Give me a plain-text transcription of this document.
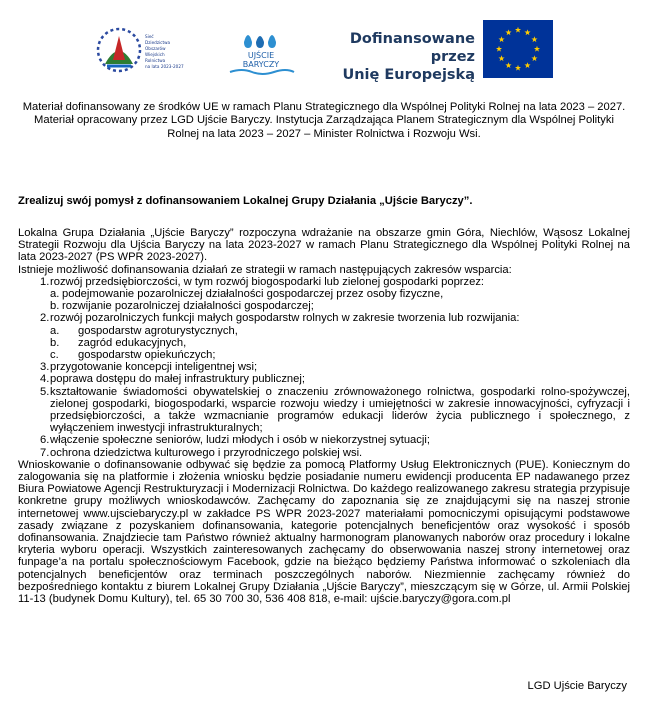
Sieć
Dziedzictwa
Obszarów
Wiejskich
Rolnictwa
na lata 2023-2027
UJŚCIE
BARYCZY
Dofinansowane przez
Unię Europejską
Materiał dofinansowany ze środków UE w ramach Planu Strategicznego dla Wspólnej Polityki Rolnej na lata 2023 – 2027. Materiał opracowany przez LGD Ujście Baryczy. Instytucja Zarządzająca Planem Strategicznym dla Wspólnej Polityki Rolnej na lata 2023 – 2027 – Minister Rolnictwa i Rozwoju Wsi.
Zrealizuj swój pomysł z dofinansowaniem Lokalnej Grupy Działania „Ujście Baryczy”.

Lokalna Grupa Działania „Ujście Baryczy” rozpoczyna wdrażanie na obszarze gmin Góra, Niechlów, Wąsosz Lokalnej Strategii Rozwoju dla Ujścia Baryczy na lata 2023-2027 w ramach Planu Strategicznego dla Wspólnej Polityki Rolnej na lata 2023-2027 (PS WPR 2023-2027).

Istnieje możliwość dofinansowania działań ze strategii w ramach następujących zakresów wsparcia:

1. rozwój przedsiębiorczości, w tym rozwój biogospodarki lub zielonej gospodarki poprzez:
a. podejmowanie pozarolniczej działalności gospodarczej przez osoby fizyczne,
b. rozwijanie pozarolniczej działalności gospodarczej;
2. rozwój pozarolniczych funkcji małych gospodarstw rolnych w zakresie tworzenia lub rozwijania:
a. gospodarstw agroturystycznych,
b. zagród edukacyjnych,
c. gospodarstw opiekuńczych;
3. przygotowanie koncepcji inteligentnej wsi;
4. poprawa dostępu do małej infrastruktury publicznej;
5. kształtowanie świadomości obywatelskiej o znaczeniu zrównoważonego rolnictwa, gospodarki rolno-spożywczej, zielonej gospodarki, biogospodarki, wsparcie rozwoju wiedzy i umiejętności w zakresie innowacyjności, cyfryzacji i przedsiębiorczości, a także wzmacnianie programów edukacji liderów życia publicznego i społecznego, z wyłączeniem inwestycji infrastrukturalnych;
6. włączenie społeczne seniorów, ludzi młodych i osób w niekorzystnej sytuacji;
7. ochrona dziedzictwa kulturowego i przyrodniczego polskiej wsi.

Wnioskowanie o dofinansowanie odbywać się będzie za pomocą Platformy Usług Elektronicznych (PUE). Koniecznym do zalogowania się na platformie i złożenia wniosku będzie posiadanie numeru ewidencji producenta EP nadawanego przez Biura Powiatowe Agencji Restrukturyzacji i Modernizacji Rolnictwa. Do każdego realizowanego zakresu strategia przypisuje konkretne grupy możliwych wnioskodawców. Zachęcamy do zapoznania się ze znajdującymi się na naszej stronie internetowej www.ujsciebaryczy.pl w zakładce PS WPR 2023-2027 materiałami pomocniczymi opisującymi podstawowe zasady związane z pozyskaniem dofinansowania, kategorie potencjalnych beneficjentów oraz wysokość i sposób dofinansowania. Znajdziecie tam Państwo również aktualny harmonogram planowanych naborów oraz procedury i lokalne kryteria wyboru operacji. Wszystkich zainteresowanych zachęcamy do obserwowania naszej strony internetowej oraz funpage’a na portalu społecznościowym Facebook, gdzie na bieżąco będziemy Państwa informować o szkoleniach dla potencjalnych beneficjentów oraz terminach poszczególnych naborów. Niezmiennie zachęcamy również do bezpośredniego kontaktu z biurem Lokalnej Grupy Działania „Ujście Baryczy”, mieszczącym się w Górze, ul. Armii Polskiej 11-13 (budynek Domu Kultury), tel. 65 30 700 30, 536 408 818, e-mail: ujście.baryczy@gora.com.pl

LGD Ujście Baryczy
